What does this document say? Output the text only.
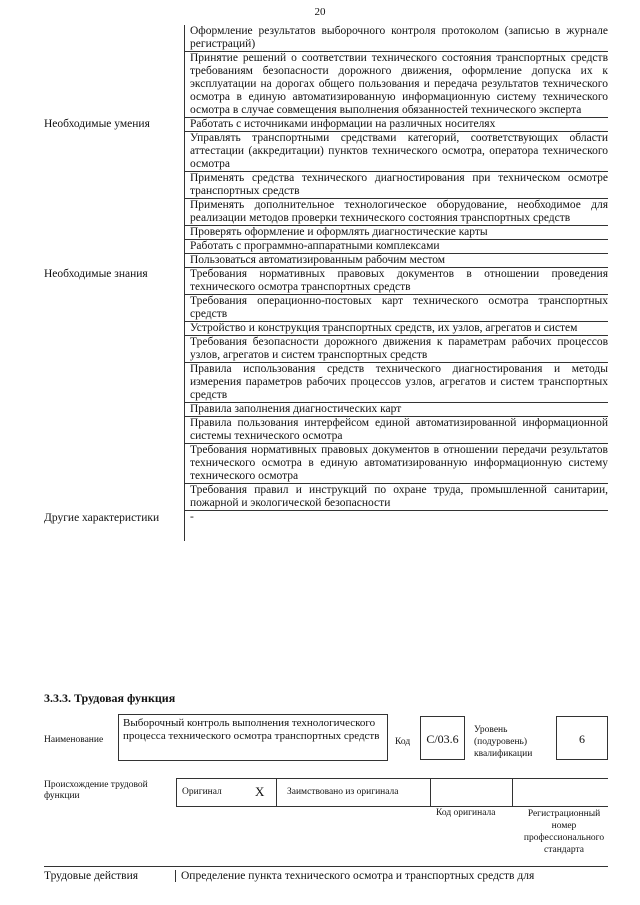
20
Оформление результатов выборочного контроля протоколом (записью в журнале регистраций)
Принятие решений о соответствии технического состояния транспортных средств требованиям безопасности дорожного движения, оформление допуска их к эксплуатации на дорогах общего пользования и передача результатов технического осмотра в единую автоматизированную информационную систему технического осмотра в случае совмещения выполнения обязанностей технического эксперта
Необходимые умения	Работать с источниками информации на различных носителях
Управлять транспортными средствами категорий, соответствующих области аттестации (аккредитации) пунктов технического осмотра, оператора технического осмотра
Применять средства технического диагностирования при техническом осмотре транспортных средств
Применять дополнительное технологическое оборудование, необходимое для реализации методов проверки технического состояния транспортных средств
Проверять оформление и оформлять диагностические карты
Работать с программно-аппаратными комплексами
Пользоваться автоматизированным рабочим местом
Необходимые знания	Требования нормативных правовых документов в отношении проведения технического осмотра транспортных средств
Требования операционно-постовых карт технического осмотра транспортных средств
Устройство и конструкция транспортных средств, их узлов, агрегатов и систем
Требования безопасности дорожного движения к параметрам рабочих процессов узлов, агрегатов и систем транспортных средств
Правила использования средств технического диагностирования и методы измерения параметров рабочих процессов узлов, агрегатов и систем транспортных средств
Правила заполнения диагностических карт
Правила пользования интерфейсом единой автоматизированной информационной системы технического осмотра
Требования нормативных правовых документов в отношении передачи результатов технического осмотра в единую автоматизированную информационную систему технического осмотра
Требования правил и инструкций по охране труда, промышленной санитарии, пожарной и экологической безопасности
Другие характеристики	-
3.3.3. Трудовая функция
Наименование
Выборочный контроль выполнения технологического процесса технического осмотра транспортных средств
Код	C/03.6
Уровень (подуровень) квалификации
6
Происхождение трудовой функции	Оригинал	X Заимствовано из оригинала
Код оригинала	Регистрационный номер профессионального стандарта
Трудовые действия	Определение пункта технического осмотра и транспортных средств для
